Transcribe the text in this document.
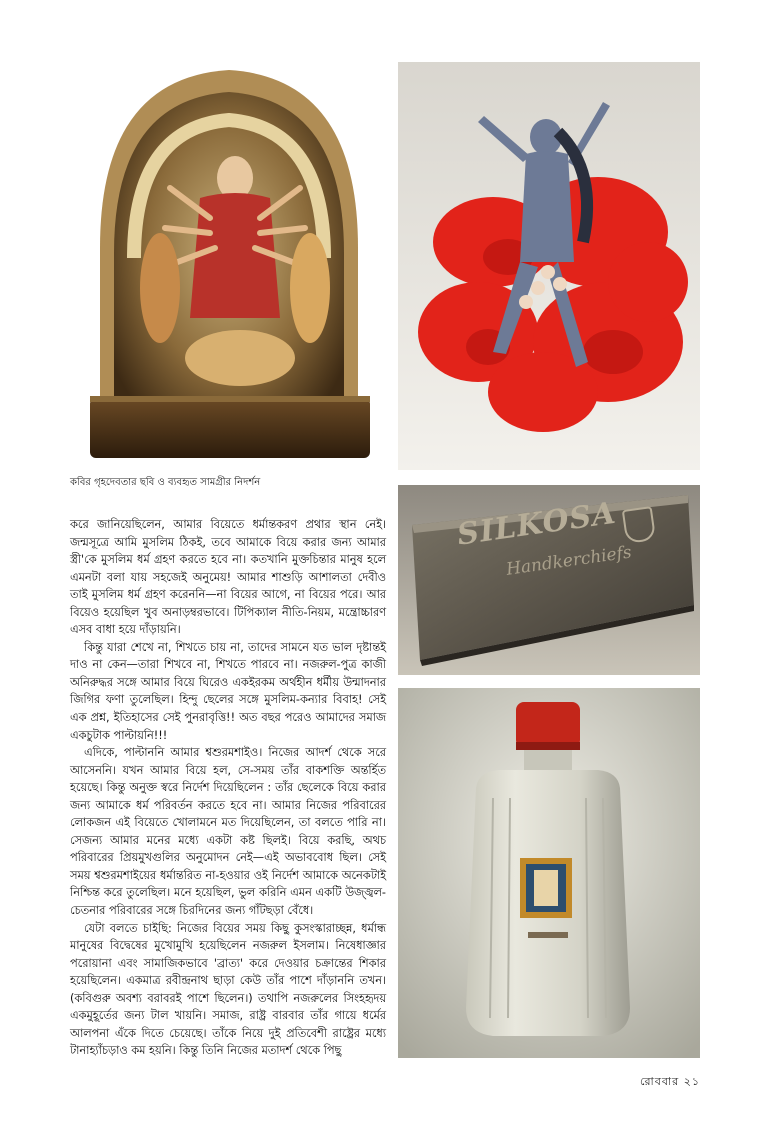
SILKOSA
Handkerchiefs
কবির গৃহদেবতার ছবি ও ব্যবহৃত সামগ্রীর নিদর্শন

করে জানিয়েছিলেন, আমার বিয়েতে ধর্মান্তকরণ প্রথার স্থান নেই। জন্মসূত্রে আমি মুসলিম ঠিকই, তবে আমাকে বিয়ে করার জন্য আমার স্ত্রী'কে মুসলিম ধর্ম গ্রহণ করতে হবে না। কতখানি মুক্তচিন্তার মানুষ হলে এমনটা বলা যায় সহজেই অনুমেয়! আমার শাশুড়ি আশালতা দেবীও তাই মুসলিম ধর্ম গ্রহণ করেননি—না বিয়ের আগে, না বিয়ের পরে। আর বিয়েও হয়েছিল খুব অনাড়ম্বরভাবে। টিপিক্যাল নীতি-নিয়ম, মন্ত্রোচ্চারণ এসব বাধা হয়ে দাঁড়ায়নি।

কিন্তু যারা শেখে না, শিখতে চায় না, তাদের সামনে যত ভাল দৃষ্টান্তই দাও না কেন—তারা শিখবে না, শিখতে পারবে না। নজরুল-পুত্র কাজী অনিরুদ্ধর সঙ্গে আমার বিয়ে ঘিরেও একইরকম অর্থহীন ধর্মীয় উন্মাদনার জিগির ফণা তুলেছিল। হিন্দু ছেলের সঙ্গে মুসলিম-কন্যার বিবাহ! সেই এক প্রশ্ন, ইতিহাসের সেই পুনরাবৃত্তি!! অত বছর পরেও আমাদের সমাজ একচুটাক পাল্টায়নি!!!

এদিকে, পাল্টাননি আমার শ্বশুরমশাইও। নিজের আদর্শ থেকে সরে আসেননি। যখন আমার বিয়ে হল, সে-সময় তাঁর বাকশক্তি অন্তর্হিত হয়েছে। কিন্তু অনুক্ত স্বরে নির্দেশ দিয়েছিলেন : তাঁর ছেলেকে বিয়ে করার জন্য আমাকে ধর্ম পরিবর্তন করতে হবে না। আমার নিজের পরিবারের লোকজন এই বিয়েতে খোলামনে মত দিয়েছিলেন, তা বলতে পারি না। সেজন্য আমার মনের মধ্যে একটা কষ্ট ছিলই। বিয়ে করছি, অথচ পরিবারের প্রিয়মুখগুলির অনুমোদন নেই—এই অভাববোধ ছিল। সেই সময় শ্বশুরমশাইয়ের ধর্মান্তরিত না-হওয়ার ওই নির্দেশ আমাকে অনেকটাই নিশ্চিন্ত করে তুলেছিল। মনে হয়েছিল, ভুল করিনি এমন একটি উজ্জ্বল-চেতনার পরিবারের সঙ্গে চিরদিনের জন্য গাঁটছড়া বেঁধে।

যেটা বলতে চাইছি: নিজের বিয়ের সময় কিছু কুসংস্কারাচ্ছন্ন, ধর্মান্ধ মানুষের বিদ্বেষের মুখোমুখি হয়েছিলেন নজরুল ইসলাম। নিষেধাজ্ঞার পরোয়ানা এবং সামাজিকভাবে 'ব্রাত্য' করে দেওয়ার চক্রান্তের শিকার হয়েছিলেন। একমাত্র রবীন্দ্রনাথ ছাড়া কেউ তাঁর পাশে দাঁড়াননি তখন। (কবিগুরু অবশ্য বরাবরই পাশে ছিলেন।) তথাপি নজরুলের সিংহহৃদয় একমুহূর্তের জন্য টাল খায়নি। সমাজ, রাষ্ট্র বারবার তাঁর গায়ে ধর্মের আলপনা এঁকে দিতে চেয়েছে। তাঁকে নিয়ে দুই প্রতিবেশী রাষ্ট্রের মধ্যে টানাহ্যাঁচড়াও কম হয়নি। কিন্তু তিনি নিজের মতাদর্শ থেকে পিছু

রোববার ২১
